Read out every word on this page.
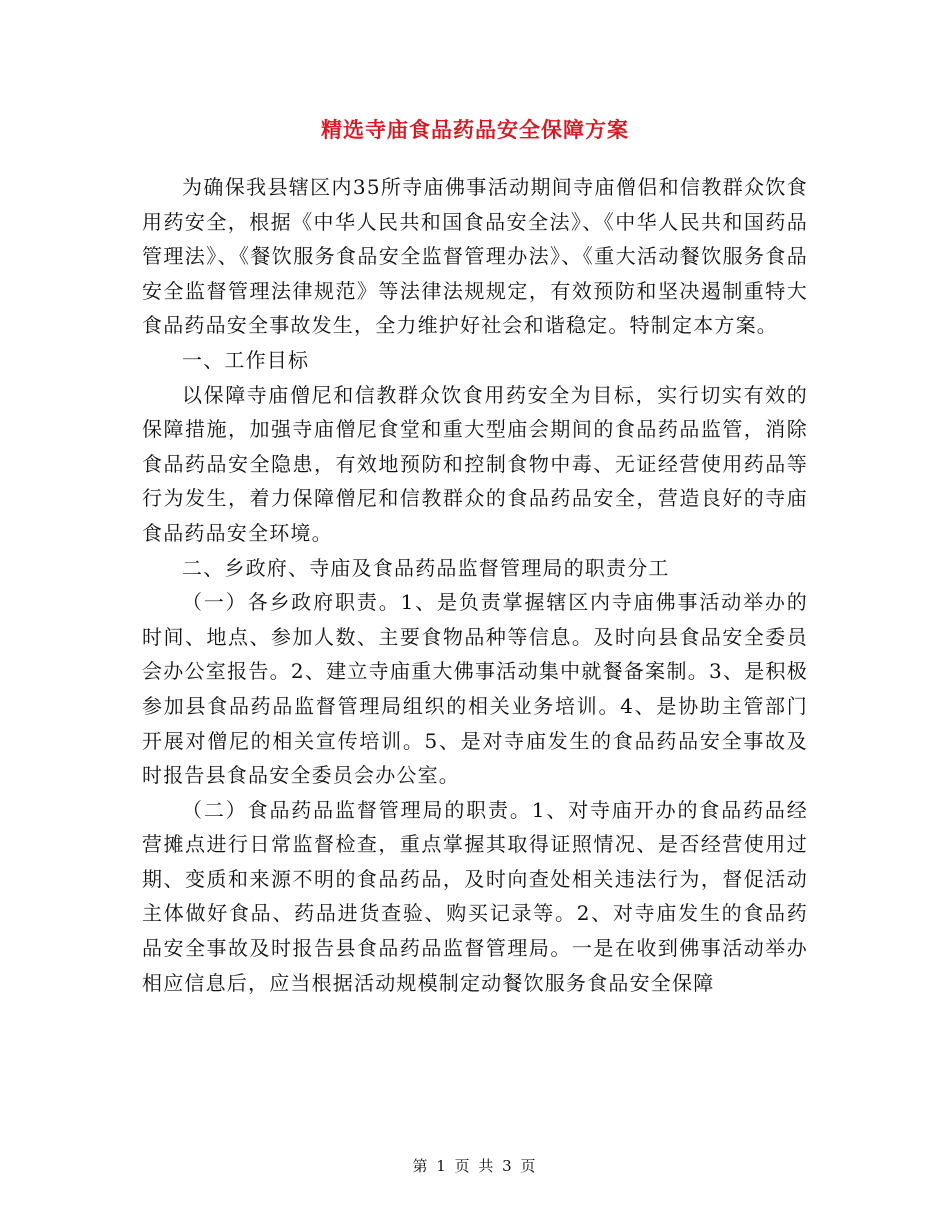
精选寺庙食品药品安全保障方案

为确保我县辖区内35所寺庙佛事活动期间寺庙僧侣和信教群众饮食用药安全，根据《中华人民共和国食品安全法》、《中华人民共和国药品管理法》、《餐饮服务食品安全监督管理办法》、《重大活动餐饮服务食品安全监督管理法律规范》等法律法规规定，有效预防和坚决遏制重特大食品药品安全事故发生，全力维护好社会和谐稳定。特制定本方案。

一、工作目标

以保障寺庙僧尼和信教群众饮食用药安全为目标，实行切实有效的保障措施，加强寺庙僧尼食堂和重大型庙会期间的食品药品监管，消除食品药品安全隐患，有效地预防和控制食物中毒、无证经营使用药品等行为发生，着力保障僧尼和信教群众的食品药品安全，营造良好的寺庙食品药品安全环境。

二、乡政府、寺庙及食品药品监督管理局的职责分工

（一）各乡政府职责。1、是负责掌握辖区内寺庙佛事活动举办的时间、地点、参加人数、主要食物品种等信息。及时向县食品安全委员会办公室报告。2、建立寺庙重大佛事活动集中就餐备案制。3、是积极参加县食品药品监督管理局组织的相关业务培训。4、是协助主管部门开展对僧尼的相关宣传培训。5、是对寺庙发生的食品药品安全事故及时报告县食品安全委员会办公室。

（二）食品药品监督管理局的职责。1、对寺庙开办的食品药品经营摊点进行日常监督检查，重点掌握其取得证照情况、是否经营使用过期、变质和来源不明的食品药品，及时向查处相关违法行为，督促活动主体做好食品、药品进货查验、购买记录等。2、对寺庙发生的食品药品安全事故及时报告县食品药品监督管理局。一是在收到佛事活动举办相应信息后，应当根据活动规模制定动餐饮服务食品安全保障

第 1 页 共 3 页
